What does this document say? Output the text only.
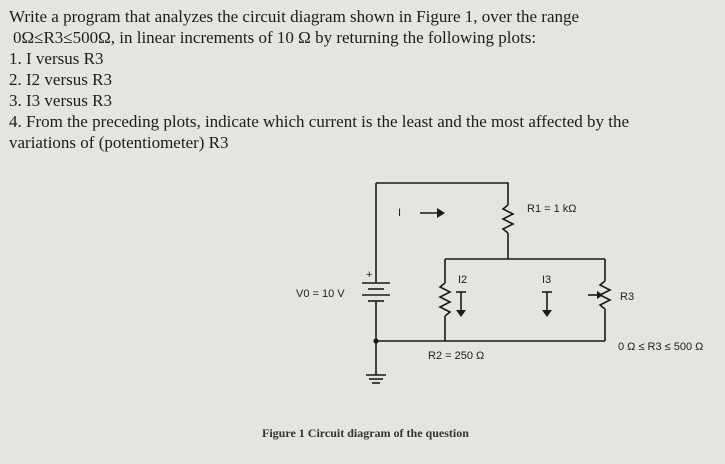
Write a program that analyzes the circuit diagram shown in Figure 1, over the range
0Ω≤R3≤500Ω, in linear increments of 10 Ω by returning the following plots:
1. I versus R3
2. I2 versus R3
3. I3 versus R3
4. From the preceding plots, indicate which current is the least and the most affected by the
variations of (potentiometer) R3
I	R1 = 1 kΩ
I2	I3
R3
V0 = 10 V
+
R2 = 250 Ω
0 Ω ≤ R3 ≤ 500 Ω
Figure 1 Circuit diagram of the question
